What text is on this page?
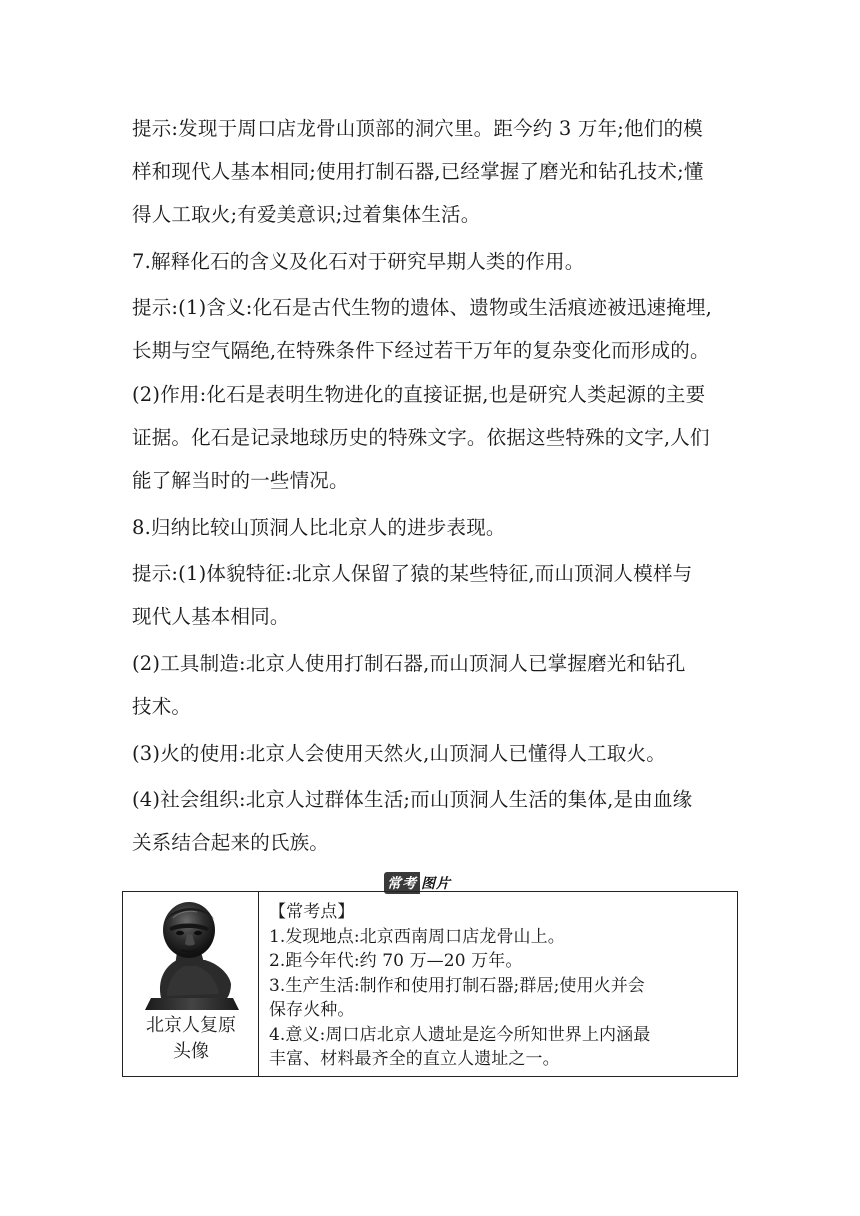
提示:发现于周口店龙骨山顶部的洞穴里。距今约 3 万年;他们的模
样和现代人基本相同;使用打制石器,已经掌握了磨光和钻孔技术;懂
得人工取火;有爱美意识;过着集体生活。
7.解释化石的含义及化石对于研究早期人类的作用。
提示:(1)含义:化石是古代生物的遗体、遗物或生活痕迹被迅速掩埋,
长期与空气隔绝,在特殊条件下经过若干万年的复杂变化而形成的。
(2)作用:化石是表明生物进化的直接证据,也是研究人类起源的主要
证据。化石是记录地球历史的特殊文字。依据这些特殊的文字,人们
能了解当时的一些情况。
8.归纳比较山顶洞人比北京人的进步表现。
提示:(1)体貌特征:北京人保留了猿的某些特征,而山顶洞人模样与
现代人基本相同。
(2)工具制造:北京人使用打制石器,而山顶洞人已掌握磨光和钻孔
技术。
(3)火的使用:北京人会使用天然火,山顶洞人已懂得人工取火。
(4)社会组织:北京人过群体生活;而山顶洞人生活的集体,是由血缘
关系结合起来的氏族。
常考 图片
北京人复原
头像
【常考点】
1.发现地点:北京西南周口店龙骨山上。
2.距今年代:约 70 万—20 万年。
3.生产生活:制作和使用打制石器;群居;使用火并会
保存火种。
4.意义:周口店北京人遗址是迄今所知世界上内涵最
丰富、材料最齐全的直立人遗址之一。
